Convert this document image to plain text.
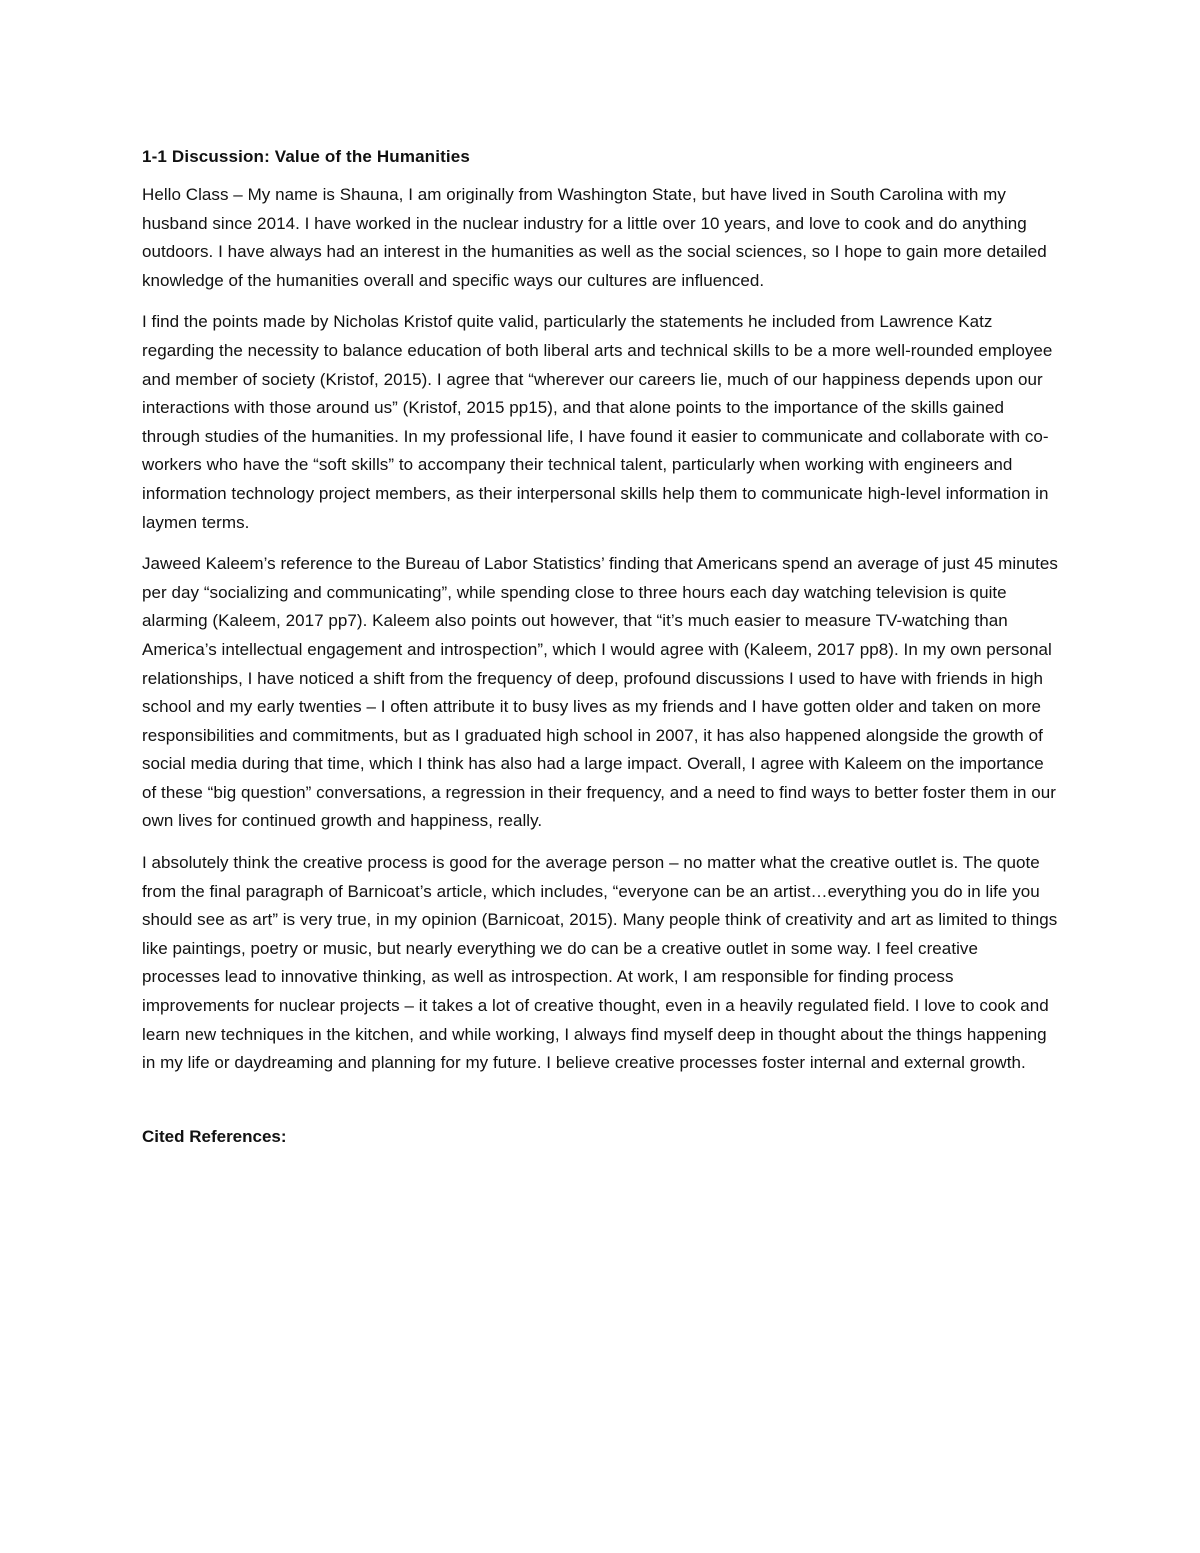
1-1 Discussion: Value of the Humanities

Hello Class – My name is Shauna, I am originally from Washington State, but have lived in South Carolina with my husband since 2014. I have worked in the nuclear industry for a little over 10 years, and love to cook and do anything outdoors. I have always had an interest in the humanities as well as the social sciences, so I hope to gain more detailed knowledge of the humanities overall and specific ways our cultures are influenced.

I find the points made by Nicholas Kristof quite valid, particularly the statements he included from Lawrence Katz regarding the necessity to balance education of both liberal arts and technical skills to be a more well-rounded employee and member of society (Kristof, 2015). I agree that “wherever our careers lie, much of our happiness depends upon our interactions with those around us” (Kristof, 2015 pp15), and that alone points to the importance of the skills gained through studies of the humanities. In my professional life, I have found it easier to communicate and collaborate with co-workers who have the “soft skills” to accompany their technical talent, particularly when working with engineers and information technology project members, as their interpersonal skills help them to communicate high-level information in laymen terms.

Jaweed Kaleem’s reference to the Bureau of Labor Statistics’ finding that Americans spend an average of just 45 minutes per day “socializing and communicating”, while spending close to three hours each day watching television is quite alarming (Kaleem, 2017 pp7). Kaleem also points out however, that “it’s much easier to measure TV-watching than America’s intellectual engagement and introspection”, which I would agree with (Kaleem, 2017 pp8). In my own personal relationships, I have noticed a shift from the frequency of deep, profound discussions I used to have with friends in high school and my early twenties – I often attribute it to busy lives as my friends and I have gotten older and taken on more responsibilities and commitments, but as I graduated high school in 2007, it has also happened alongside the growth of social media during that time, which I think has also had a large impact. Overall, I agree with Kaleem on the importance of these “big question” conversations, a regression in their frequency, and a need to find ways to better foster them in our own lives for continued growth and happiness, really.

I absolutely think the creative process is good for the average person – no matter what the creative outlet is. The quote from the final paragraph of Barnicoat’s article, which includes, “everyone can be an artist…everything you do in life you should see as art” is very true, in my opinion (Barnicoat, 2015). Many people think of creativity and art as limited to things like paintings, poetry or music, but nearly everything we do can be a creative outlet in some way. I feel creative processes lead to innovative thinking, as well as introspection. At work, I am responsible for finding process improvements for nuclear projects – it takes a lot of creative thought, even in a heavily regulated field. I love to cook and learn new techniques in the kitchen, and while working, I always find myself deep in thought about the things happening in my life or daydreaming and planning for my future. I believe creative processes foster internal and external growth.

Cited References:
